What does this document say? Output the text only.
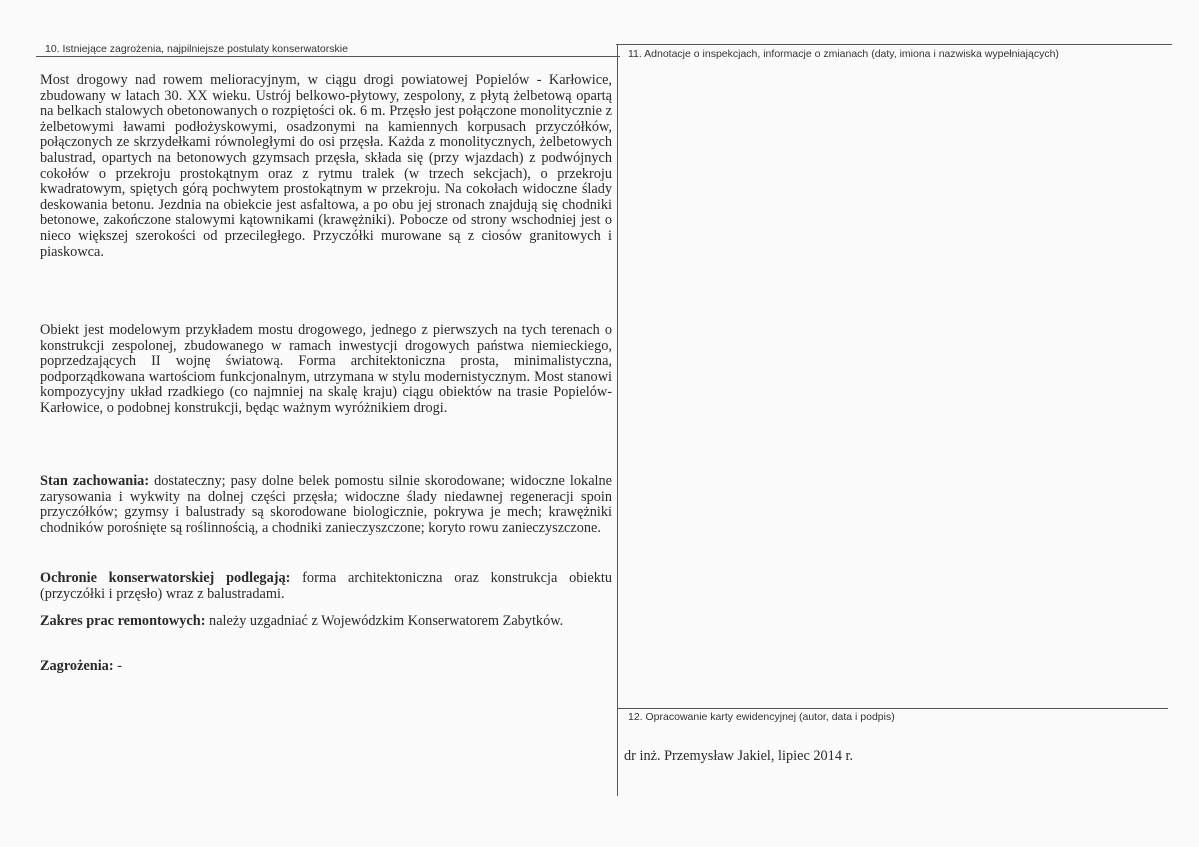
10. Istniejące zagrożenia, najpilniejsze postulaty konserwatorskie	11. Adnotacje o inspekcjach, informacje o zmianach (daty, imiona i nazwiska wypełniających)
12. Opracowanie karty ewidencyjnej (autor, data i podpis)
dr inż. Przemysław Jakiel, lipiec 2014 r.

Most drogowy nad rowem melioracyjnym, w ciągu drogi powiatowej Popielów - Karłowice, zbudowany w latach 30. XX wieku. Ustrój belkowo-płytowy, zespolony, z płytą żelbetową opartą na belkach stalowych obetonowanych o rozpiętości ok. 6 m. Przęsło jest połączone monolitycznie z żelbetowymi ławami podłożyskowymi, osadzonymi na kamiennych korpusach przyczółków, połączonych ze skrzydełkami równoległymi do osi przęsła. Każda z monolitycznych, żelbetowych balustrad, opartych na betonowych gzymsach przęsła, składa się (przy wjazdach) z podwójnych cokołów o przekroju prostokątnym oraz z rytmu tralek (w trzech sekcjach), o przekroju kwadratowym, spiętych górą pochwytem prostokątnym w przekroju. Na cokołach widoczne ślady deskowania betonu. Jezdnia na obiekcie jest asfaltowa, a po obu jej stronach znajdują się chodniki betonowe, zakończone stalowymi kątownikami (krawężniki). Pobocze od strony wschodniej jest o nieco większej szerokości od przeciległego. Przyczółki murowane są z ciosów granitowych i piaskowca.

Obiekt jest modelowym przykładem mostu drogowego, jednego z pierwszych na tych terenach o konstrukcji zespolonej, zbudowanego w ramach inwestycji drogowych państwa niemieckiego, poprzedzających II wojnę światową. Forma architektoniczna prosta, minimalistyczna, podporządkowana wartościom funkcjonalnym, utrzymana w stylu modernistycznym. Most stanowi kompozycyjny układ rzadkiego (co najmniej na skalę kraju) ciągu obiektów na trasie Popielów-Karłowice, o podobnej konstrukcji, będąc ważnym wyróżnikiem drogi.

Stan zachowania: dostateczny; pasy dolne belek pomostu silnie skorodowane; widoczne lokalne zarysowania i wykwity na dolnej części przęsła; widoczne ślady niedawnej regeneracji spoin przyczółków; gzymsy i balustrady są skorodowane biologicznie, pokrywa je mech; krawężniki chodników porośnięte są roślinnością, a chodniki zanieczyszczone; koryto rowu zanieczyszczone.

Ochronie konserwatorskiej podlegają: forma architektoniczna oraz konstrukcja obiektu (przyczółki i przęsło) wraz z balustradami.

Zakres prac remontowych: należy uzgadniać z Wojewódzkim Konserwatorem Zabytków.

Zagrożenia: -
